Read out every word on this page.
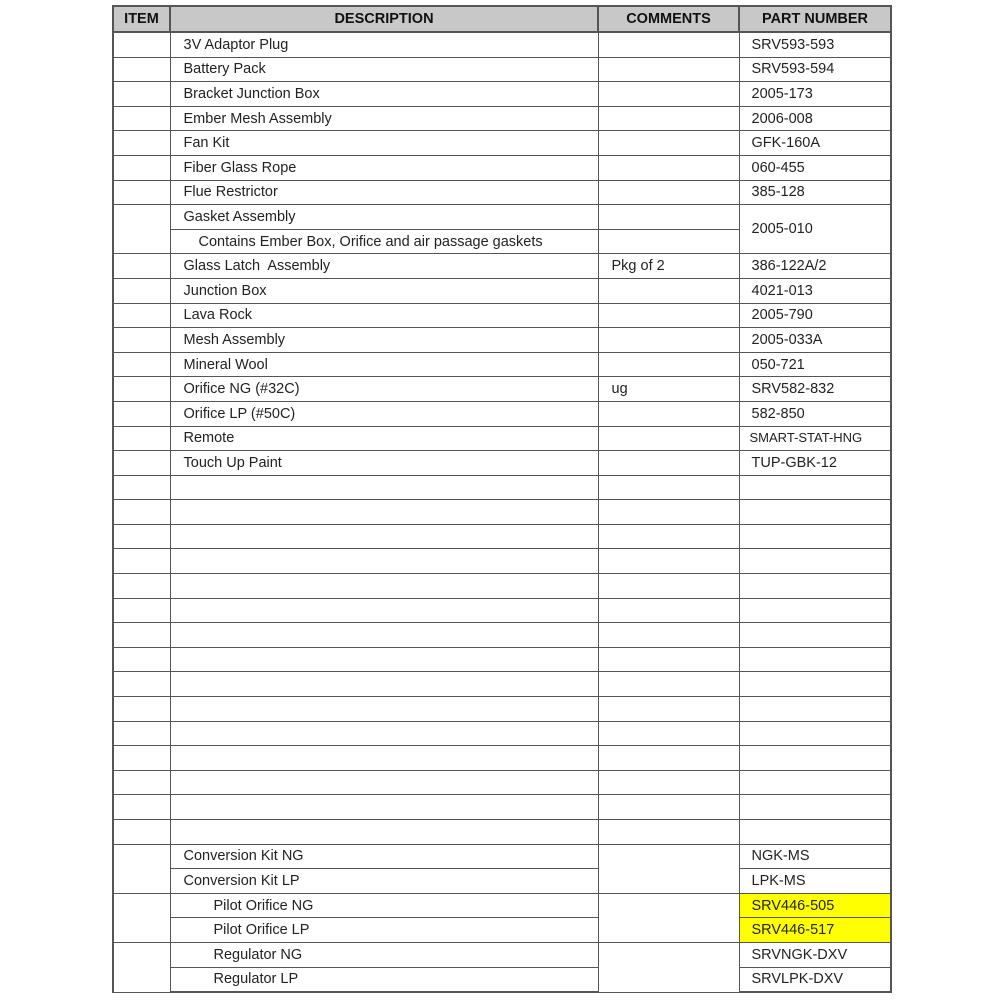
ITEM	DESCRIPTION	COMMENTS	PART NUMBER
	3V Adaptor Plug		SRV593-593
	Battery Pack		SRV593-594
	Bracket Junction Box		2005-173
	Ember Mesh Assembly		2006-008
	Fan Kit		GFK-160A
	Fiber Glass Rope		060-455
	Flue Restrictor		385-128
	Gasket Assembly		2005-010
	Contains Ember Box, Orifice and air passage gaskets		
	Glass Latch  Assembly	Pkg of 2	386-122A/2
	Junction Box		4021-013
	Lava Rock		2005-790
	Mesh Assembly		2005-033A
	Mineral Wool		050-721
	Orifice NG (#32C)	ug	SRV582-832
	Orifice LP (#50C)		582-850
	Remote		SMART-STAT-HNG
	Touch Up Paint		TUP-GBK-12

	Conversion Kit NG		NGK-MS
	Conversion Kit LP		LPK-MS
	Pilot Orifice NG		SRV446-505
	Pilot Orifice LP		SRV446-517
	Regulator NG		SRVNGK-DXV
	Regulator LP		SRVLPK-DXV
